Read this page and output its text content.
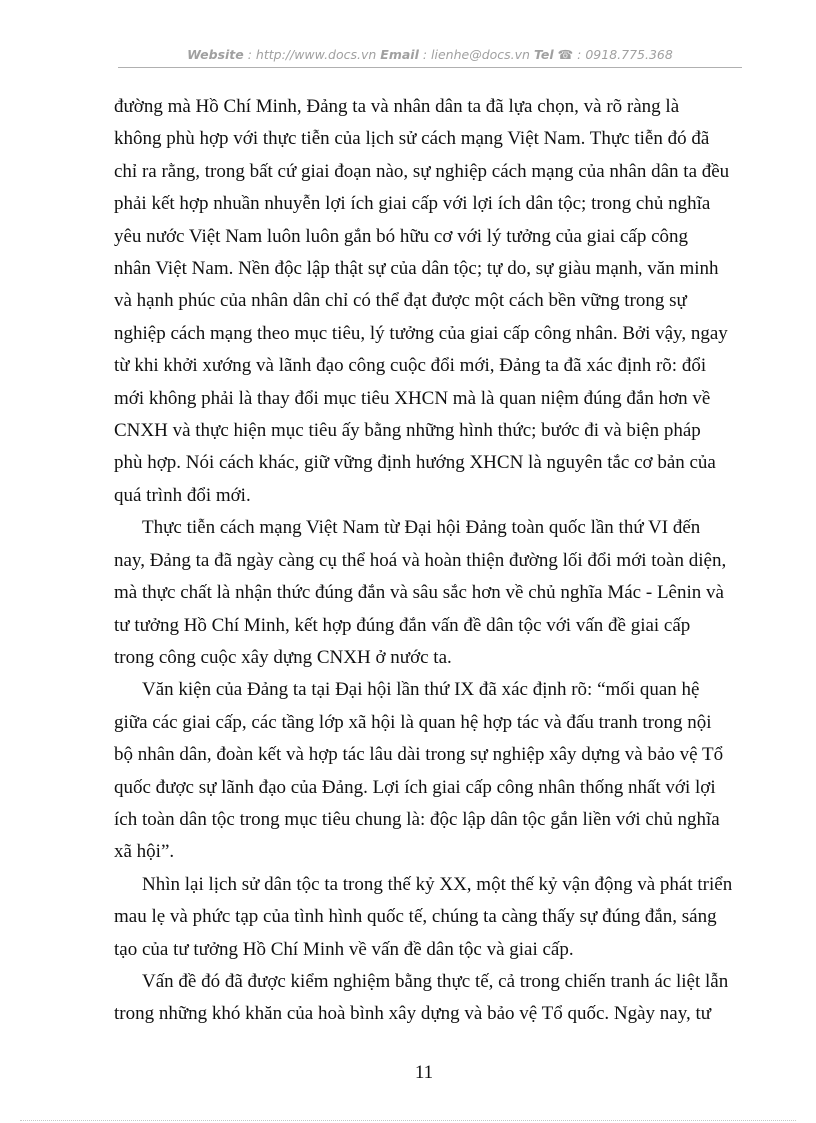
Website : http://www.docs.vn Email : lienhe@docs.vn Tel ☎ : 0918.775.368

đường mà Hồ Chí Minh, Đảng ta và nhân dân ta đã lựa chọn, và rõ ràng là
không phù hợp với thực tiễn của lịch sử cách mạng Việt Nam. Thực tiễn đó đã
chỉ ra rằng, trong bất cứ giai đoạn nào, sự nghiệp cách mạng của nhân dân ta đều
phải kết hợp nhuần nhuyễn lợi ích giai cấp với lợi ích dân tộc; trong chủ nghĩa
yêu nước Việt Nam luôn luôn gắn bó hữu cơ với lý tưởng của giai cấp công
nhân Việt Nam. Nền độc lập thật sự của dân tộc; tự do, sự giàu mạnh, văn minh
và hạnh phúc của nhân dân chỉ có thể đạt được một cách bền vững trong sự
nghiệp cách mạng theo mục tiêu, lý tưởng của giai cấp công nhân. Bởi vậy, ngay
từ khi khởi xướng và lãnh đạo công cuộc đổi mới, Đảng ta đã xác định rõ: đổi
mới không phải là thay đổi mục tiêu XHCN mà là quan niệm đúng đắn hơn về
CNXH và thực hiện mục tiêu ấy bằng những hình thức; bước đi và biện pháp
phù hợp. Nói cách khác, giữ vững định hướng XHCN là nguyên tắc cơ bản của
quá trình đổi mới.

Thực tiễn cách mạng Việt Nam từ Đại hội Đảng toàn quốc lần thứ VI đến
nay, Đảng ta đã ngày càng cụ thể hoá và hoàn thiện đường lối đổi mới toàn diện,
mà thực chất là nhận thức đúng đắn và sâu sắc hơn về chủ nghĩa Mác - Lênin và
tư tưởng Hồ Chí Minh, kết hợp đúng đắn vấn đề dân tộc với vấn đề giai cấp
trong công cuộc xây dựng CNXH ở nước ta.

Văn kiện của Đảng ta tại Đại hội lần thứ IX đã xác định rõ: “mối quan hệ
giữa các giai cấp, các tầng lớp xã hội là quan hệ hợp tác và đấu tranh trong nội
bộ nhân dân, đoàn kết và hợp tác lâu dài trong sự nghiệp xây dựng và bảo vệ Tổ
quốc được sự lãnh đạo của Đảng. Lợi ích giai cấp công nhân thống nhất với lợi
ích toàn dân tộc trong mục tiêu chung là: độc lập dân tộc gắn liền với chủ nghĩa
xã hội”.

Nhìn lại lịch sử dân tộc ta trong thế kỷ XX, một thế kỷ vận động và phát triển
mau lẹ và phức tạp của tình hình quốc tế, chúng ta càng thấy sự đúng đắn, sáng
tạo của tư tưởng Hồ Chí Minh về vấn đề dân tộc và giai cấp.

Vấn đề đó đã được kiểm nghiệm bằng thực tế, cả trong chiến tranh ác liệt lẫn
trong những khó khăn của hoà bình xây dựng và bảo vệ Tổ quốc. Ngày nay, tư

11
